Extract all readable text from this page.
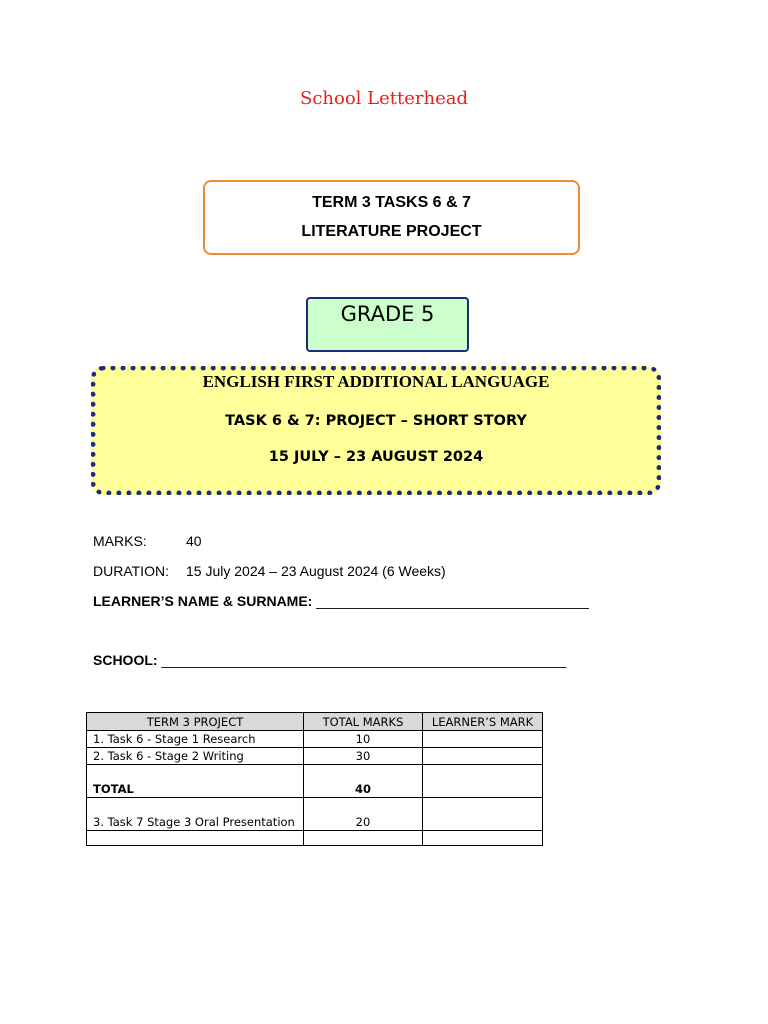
School Letterhead
TERM 3 TASKS 6 & 7
LITERATURE PROJECT
GRADE 5
ENGLISH FIRST ADDITIONAL LANGUAGE
TASK 6 & 7: PROJECT – SHORT STORY
15 JULY – 23 AUGUST 2024
MARKS:	40
DURATION: 15 July 2024 – 23 August 2024 (6 Weeks)
LEARNER’S NAME & SURNAME: ___________________________________
SCHOOL: ____________________________________________________
TERM 3 PROJECT	TOTAL MARKS	LEARNER’S MARK
1. Task 6 - Stage 1 Research	10	
2. Task 6 - Stage 2 Writing	30	
TOTAL	40	
3. Task 7 Stage 3 Oral Presentation	20	
